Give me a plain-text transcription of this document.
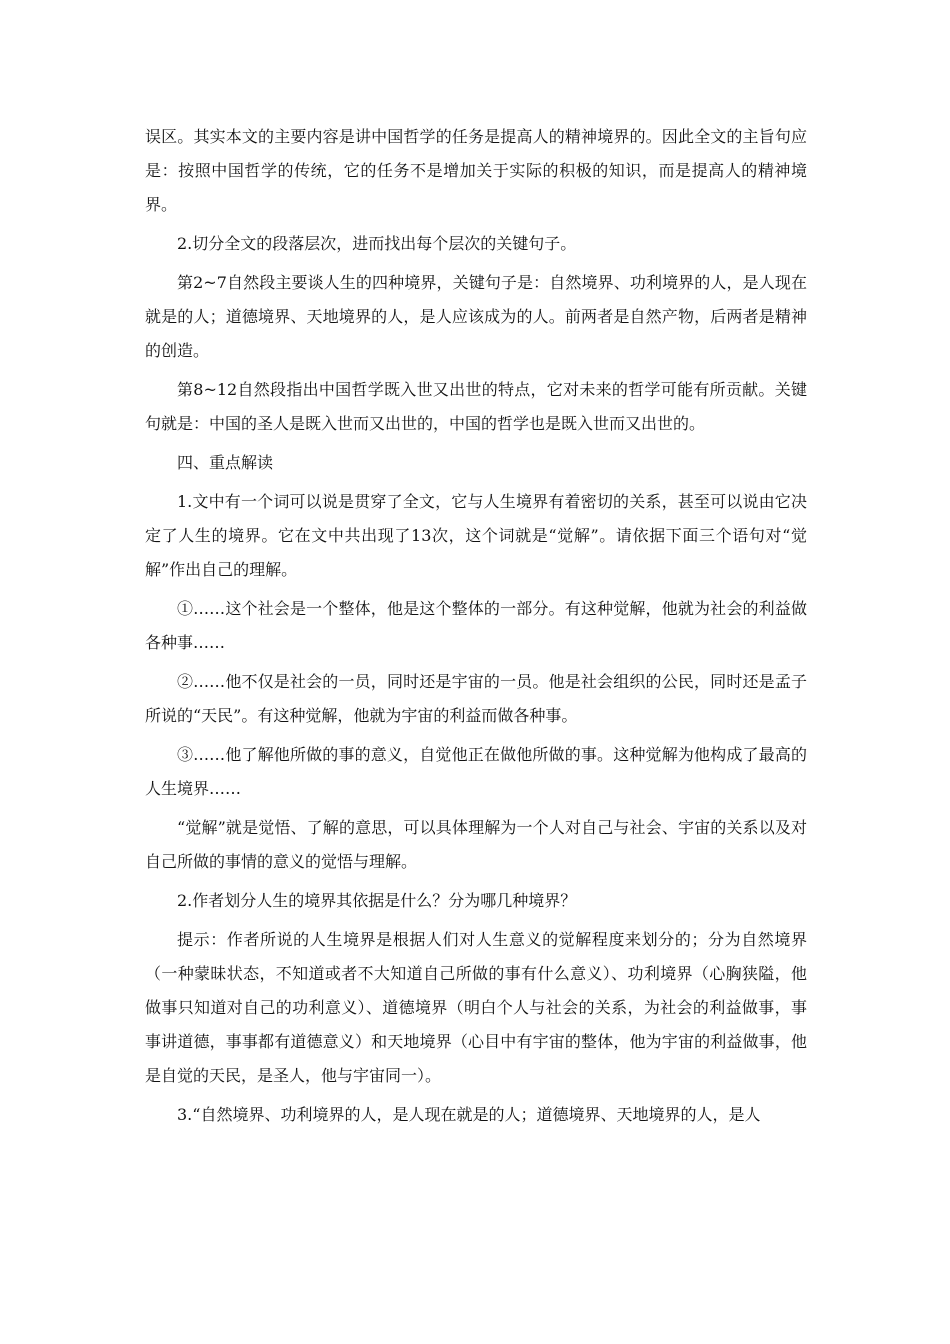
误区。其实本文的主要内容是讲中国哲学的任务是提高人的精神境界的。因此全文的主旨句应是：按照中国哲学的传统，它的任务不是增加关于实际的积极的知识，而是提高人的精神境界。

2.切分全文的段落层次，进而找出每个层次的关键句子。

第2~7自然段主要谈人生的四种境界，关键句子是：自然境界、功利境界的人，是人现在就是的人；道德境界、天地境界的人，是人应该成为的人。前两者是自然产物，后两者是精神的创造。

第8~12自然段指出中国哲学既入世又出世的特点，它对未来的哲学可能有所贡献。关键句就是：中国的圣人是既入世而又出世的，中国的哲学也是既入世而又出世的。

四、重点解读

1.文中有一个词可以说是贯穿了全文，它与人生境界有着密切的关系，甚至可以说由它决定了人生的境界。它在文中共出现了13次，这个词就是“觉解”。请依据下面三个语句对“觉解”作出自己的理解。

①……这个社会是一个整体，他是这个整体的一部分。有这种觉解，他就为社会的利益做各种事……

②……他不仅是社会的一员，同时还是宇宙的一员。他是社会组织的公民，同时还是孟子所说的“天民”。有这种觉解，他就为宇宙的利益而做各种事。

③……他了解他所做的事的意义，自觉他正在做他所做的事。这种觉解为他构成了最高的人生境界……

“觉解”就是觉悟、了解的意思，可以具体理解为一个人对自己与社会、宇宙的关系以及对自己所做的事情的意义的觉悟与理解。

2.作者划分人生的境界其依据是什么？分为哪几种境界？

提示：作者所说的人生境界是根据人们对人生意义的觉解程度来划分的；分为自然境界（一种蒙昧状态，不知道或者不大知道自己所做的事有什么意义）、功利境界（心胸狭隘，他做事只知道对自己的功利意义）、道德境界（明白个人与社会的关系，为社会的利益做事，事事讲道德，事事都有道德意义）和天地境界（心目中有宇宙的整体，他为宇宙的利益做事，他是自觉的天民，是圣人，他与宇宙同一）。

3.“自然境界、功利境界的人，是人现在就是的人；道德境界、天地境界的人，是人
